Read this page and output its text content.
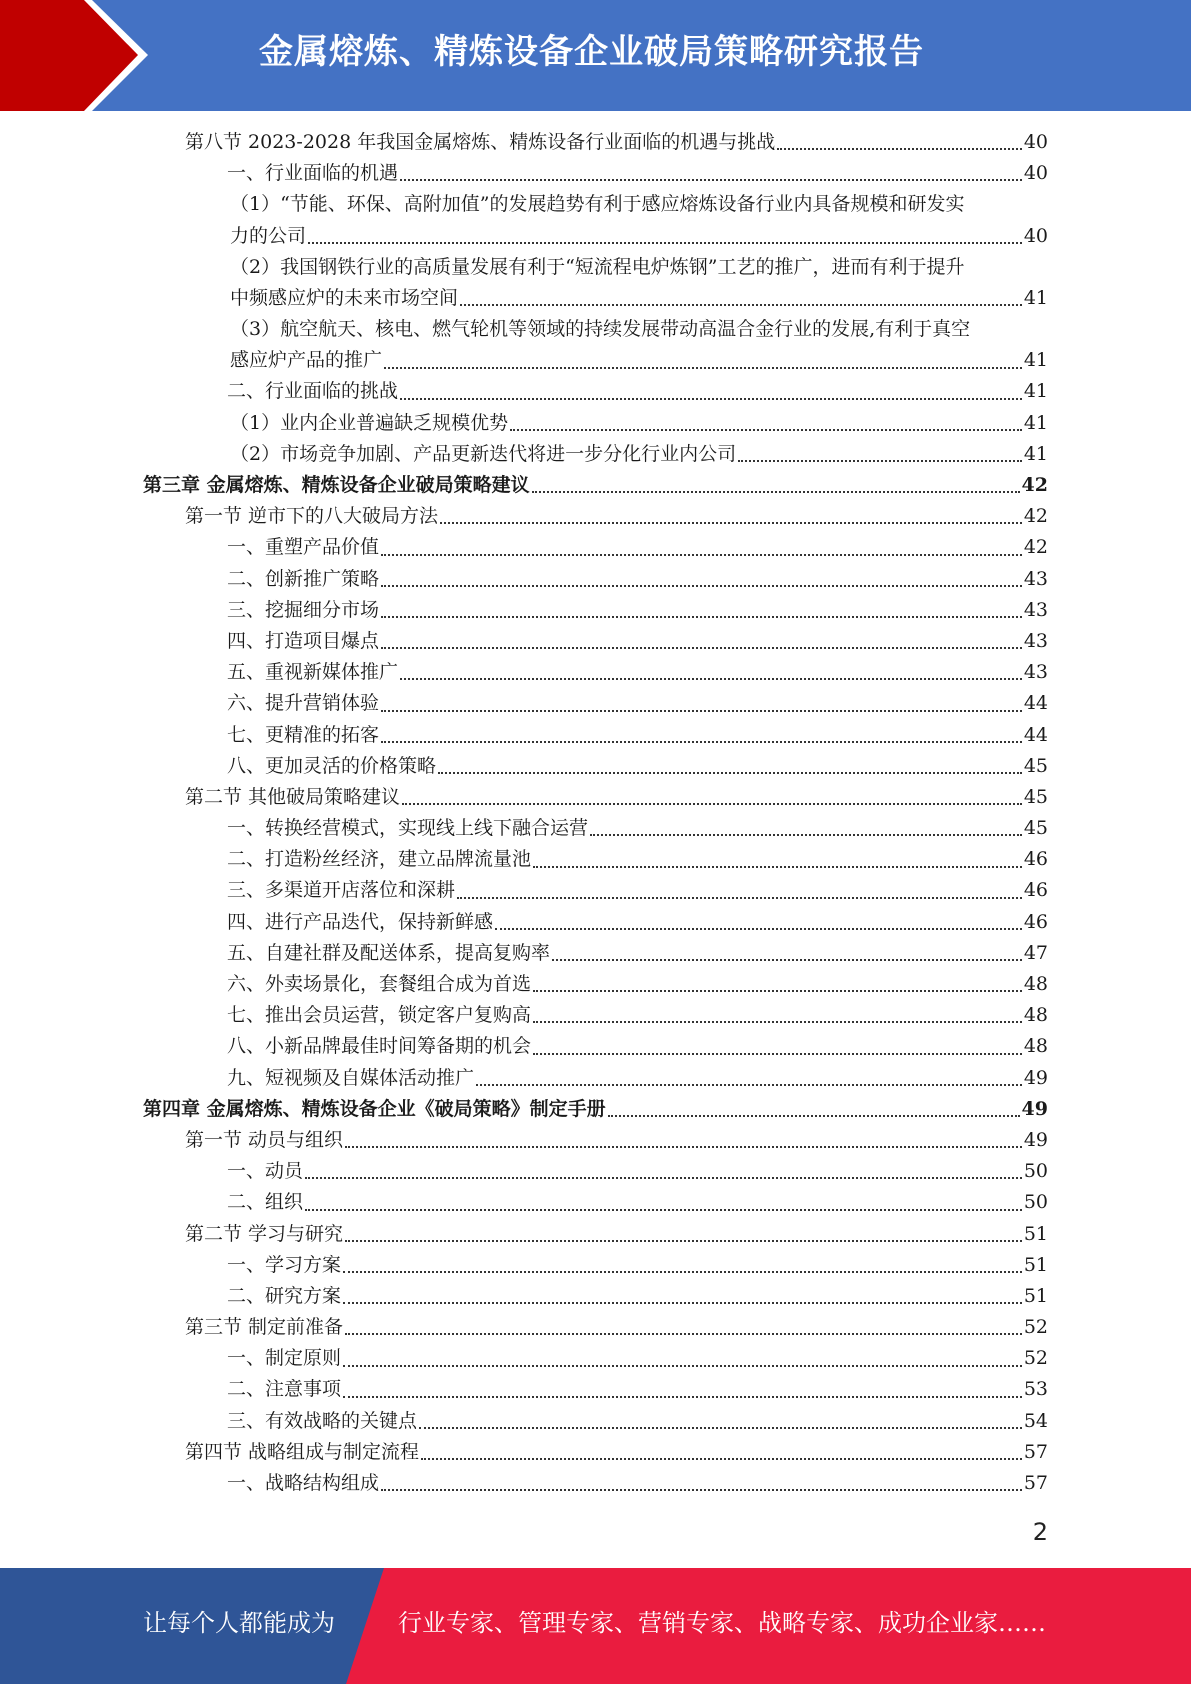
金属熔炼、精炼设备企业破局策略研究报告
第八节 2023-2028 年我国金属熔炼、精炼设备行业面临的机遇与挑战	40
一、行业面临的机遇	40
（1）“节能、环保、高附加值”的发展趋势有利于感应熔炼设备行业内具备规模和研发实
力的公司	40
（2）我国钢铁行业的高质量发展有利于“短流程电炉炼钢”工艺的推广，进而有利于提升
中频感应炉的未来市场空间	41
（3）航空航天、核电、燃气轮机等领域的持续发展带动高温合金行业的发展,有利于真空
感应炉产品的推广	41
二、行业面临的挑战	41
（1）业内企业普遍缺乏规模优势	41
（2）市场竞争加剧、产品更新迭代将进一步分化行业内公司	41
第三章 金属熔炼、精炼设备企业破局策略建议	42
第一节 逆市下的八大破局方法	42
一、重塑产品价值	42
二、创新推广策略	43
三、挖掘细分市场	43
四、打造项目爆点	43
五、重视新媒体推广	43
六、提升营销体验	44
七、更精准的拓客	44
八、更加灵活的价格策略	45
第二节 其他破局策略建议	45
一、转换经营模式，实现线上线下融合运营	45
二、打造粉丝经济，建立品牌流量池	46
三、多渠道开店落位和深耕	46
四、进行产品迭代，保持新鲜感	46
五、自建社群及配送体系，提高复购率	47
六、外卖场景化，套餐组合成为首选	48
七、推出会员运营，锁定客户复购高	48
八、小新品牌最佳时间筹备期的机会	48
九、短视频及自媒体活动推广	49
第四章 金属熔炼、精炼设备企业《破局策略》制定手册	49
第一节 动员与组织	49
一、动员	50
二、组织	50
第二节 学习与研究	51
一、学习方案	51
二、研究方案	51
第三节 制定前准备	52
一、制定原则	52
二、注意事项	53
三、有效战略的关键点	54
第四节 战略组成与制定流程	57
一、战略结构组成	57
2
让每个人都能成为	行业专家、管理专家、营销专家、战略专家、成功企业家……
